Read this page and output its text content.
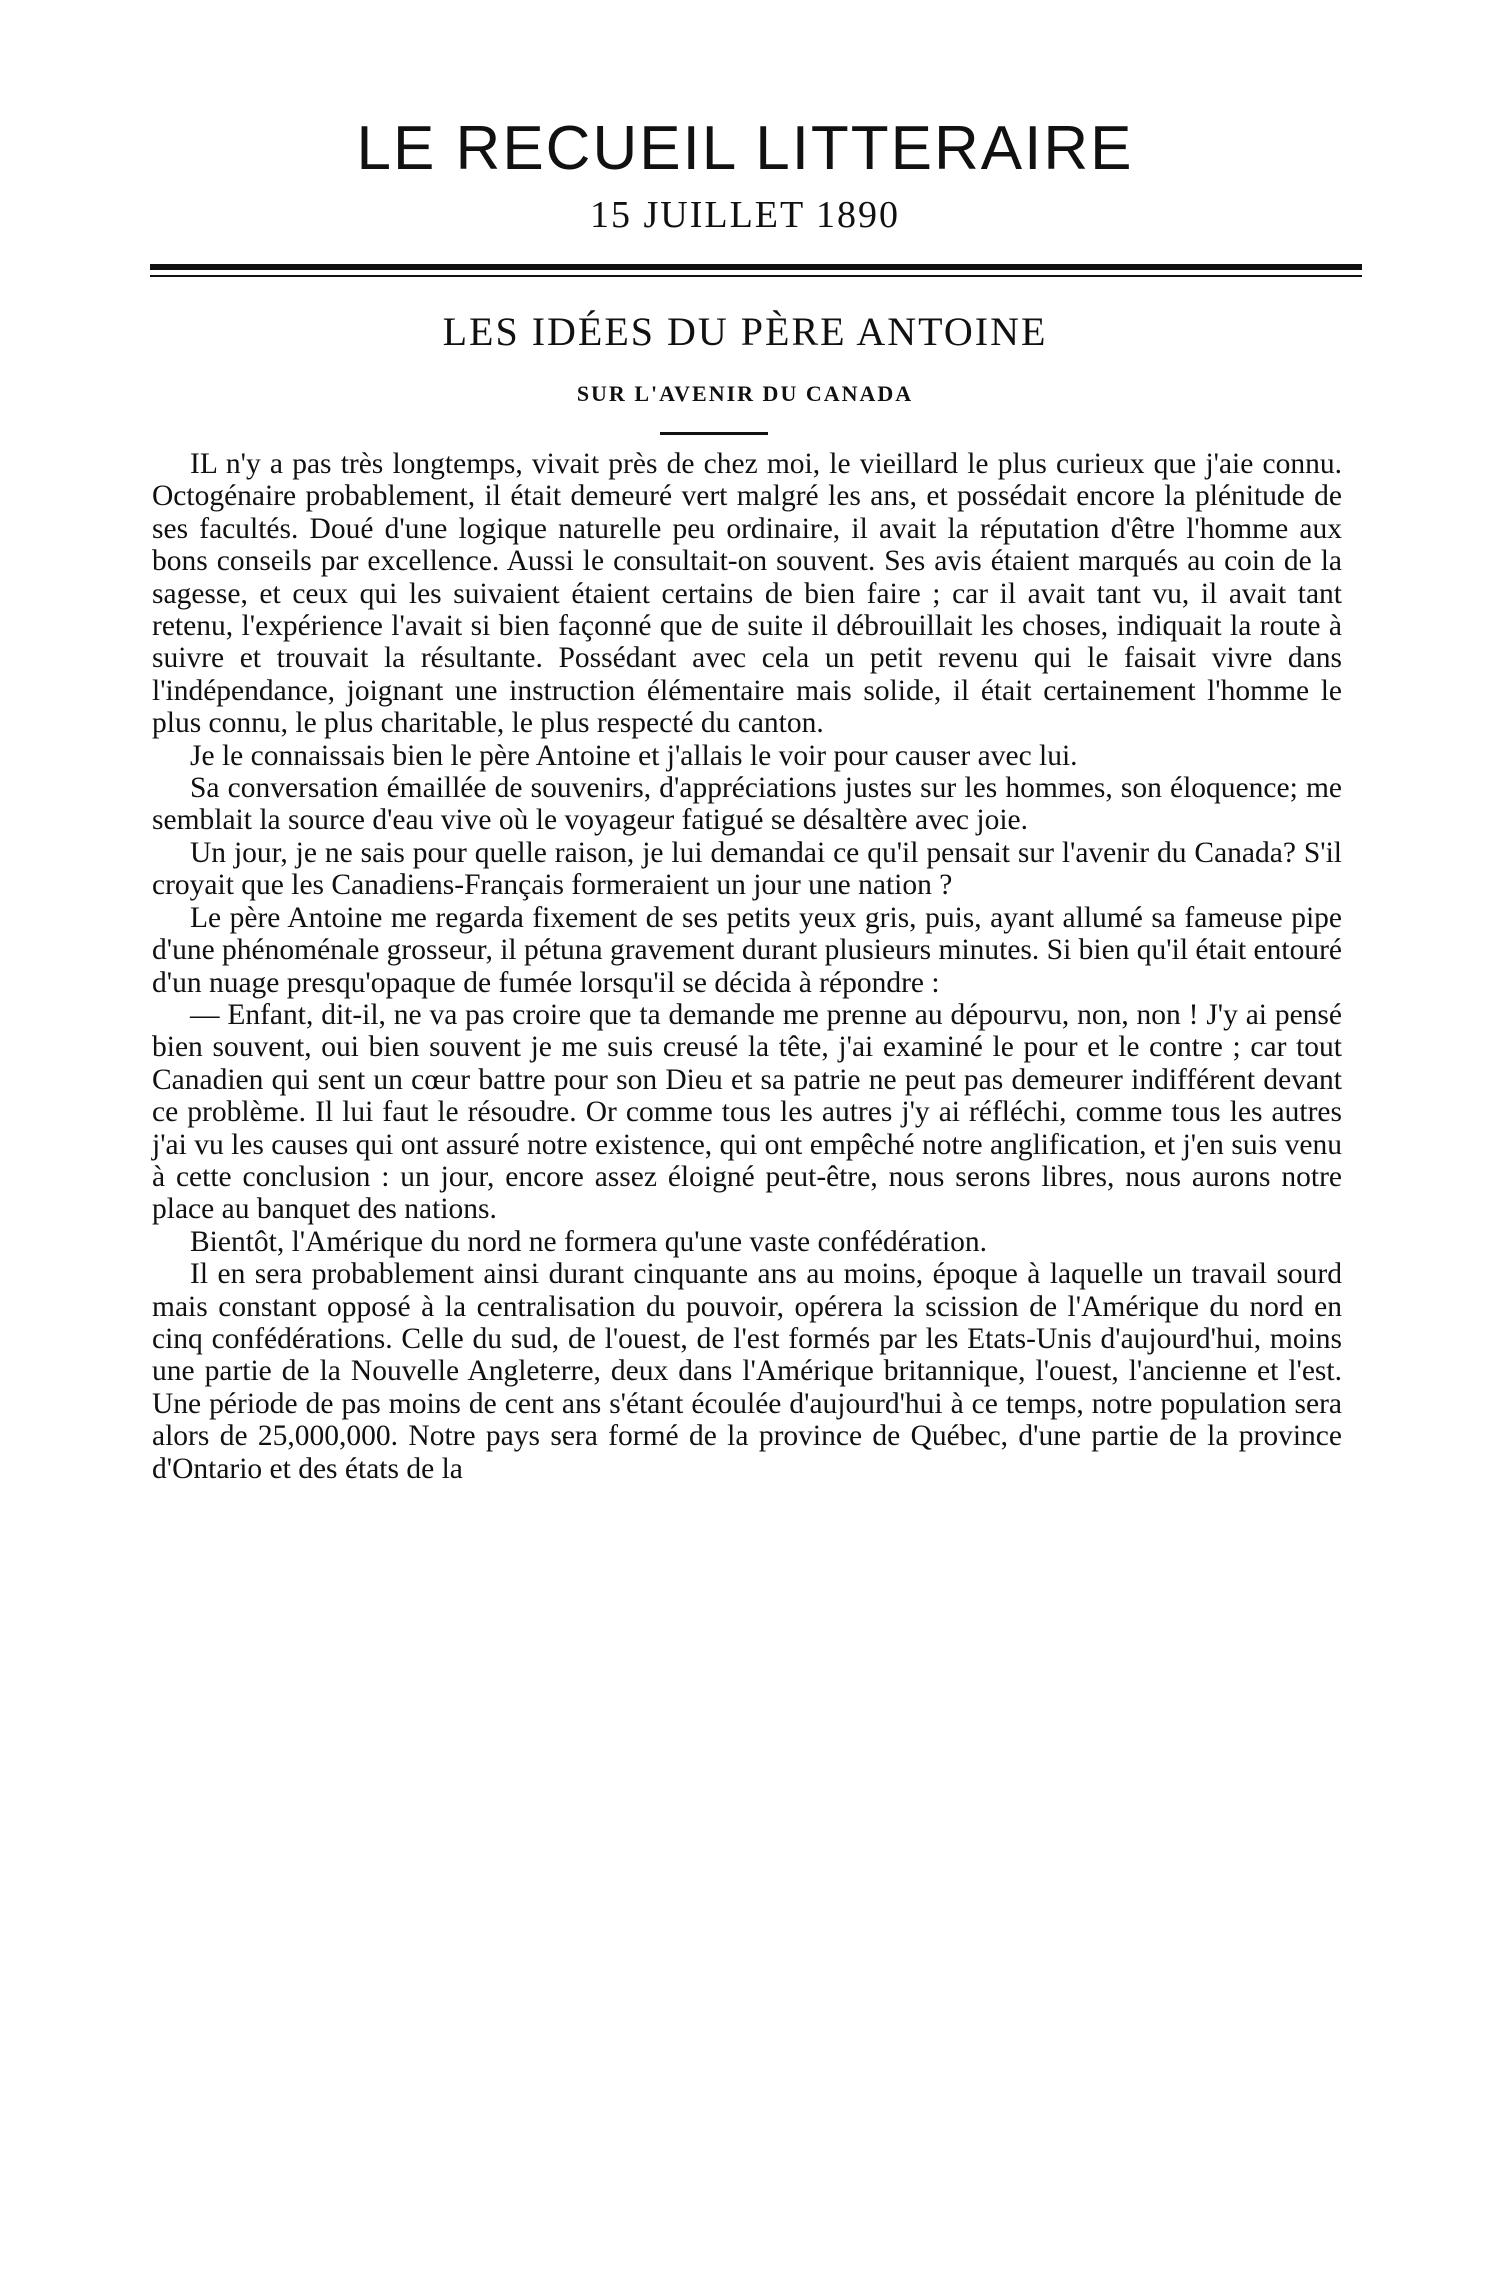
LE RECUEIL LITTERAIRE
15 JUILLET 1890
LES IDÉES DU PÈRE ANTOINE
SUR L'AVENIR DU CANADA

IL n'y a pas très longtemps, vivait près de chez moi, le vieillard le plus curieux que j'aie connu. Octogénaire probablement, il était demeuré vert malgré les ans, et possédait encore la plénitude de ses facultés. Doué d'une logique naturelle peu ordinaire, il avait la réputation d'être l'homme aux bons conseils par excellence. Aussi le consultait-on souvent. Ses avis étaient marqués au coin de la sagesse, et ceux qui les suivaient étaient certains de bien faire ; car il avait tant vu, il avait tant retenu, l'expérience l'avait si bien façonné que de suite il débrouillait les choses, indiquait la route à suivre et trouvait la résultante. Possédant avec cela un petit revenu qui le faisait vivre dans l'indépendance, joignant une instruction élémentaire mais solide, il était certainement l'homme le plus connu, le plus charitable, le plus respecté du canton.

Je le connaissais bien le père Antoine et j'allais le voir pour causer avec lui.

Sa conversation émaillée de souvenirs, d'appréciations justes sur les hommes, son éloquence; me semblait la source d'eau vive où le voyageur fatigué se désaltère avec joie.

Un jour, je ne sais pour quelle raison, je lui demandai ce qu'il pensait sur l'avenir du Canada? S'il croyait que les Canadiens-Français formeraient un jour une nation ?

Le père Antoine me regarda fixement de ses petits yeux gris, puis, ayant allumé sa fameuse pipe d'une phénoménale grosseur, il pétuna gravement durant plusieurs minutes. Si bien qu'il était entouré d'un nuage presqu'opaque de fumée lorsqu'il se décida à répondre :

— Enfant, dit-il, ne va pas croire que ta demande me prenne au dépourvu, non, non ! J'y ai pensé bien souvent, oui bien souvent je me suis creusé la tête, j'ai examiné le pour et le contre ; car tout Canadien qui sent un cœur battre pour son Dieu et sa patrie ne peut pas demeurer indifférent devant ce problème. Il lui faut le résoudre. Or comme tous les autres j'y ai réfléchi, comme tous les autres j'ai vu les causes qui ont assuré notre existence, qui ont empêché notre anglification, et j'en suis venu à cette conclusion : un jour, encore assez éloigné peut-être, nous serons libres, nous aurons notre place au banquet des nations.

Bientôt, l'Amérique du nord ne formera qu'une vaste confédération.

Il en sera probablement ainsi durant cinquante ans au moins, époque à laquelle un travail sourd mais constant opposé à la centralisation du pouvoir, opérera la scission de l'Amérique du nord en cinq confédérations. Celle du sud, de l'ouest, de l'est formés par les Etats-Unis d'aujourd'hui, moins une partie de la Nouvelle Angleterre, deux dans l'Amérique britannique, l'ouest, l'ancienne et l'est. Une période de pas moins de cent ans s'étant écoulée d'aujourd'hui à ce temps, notre population sera alors de 25,000,000. Notre pays sera formé de la province de Québec, d'une partie de la province d'Ontario et des états de la
